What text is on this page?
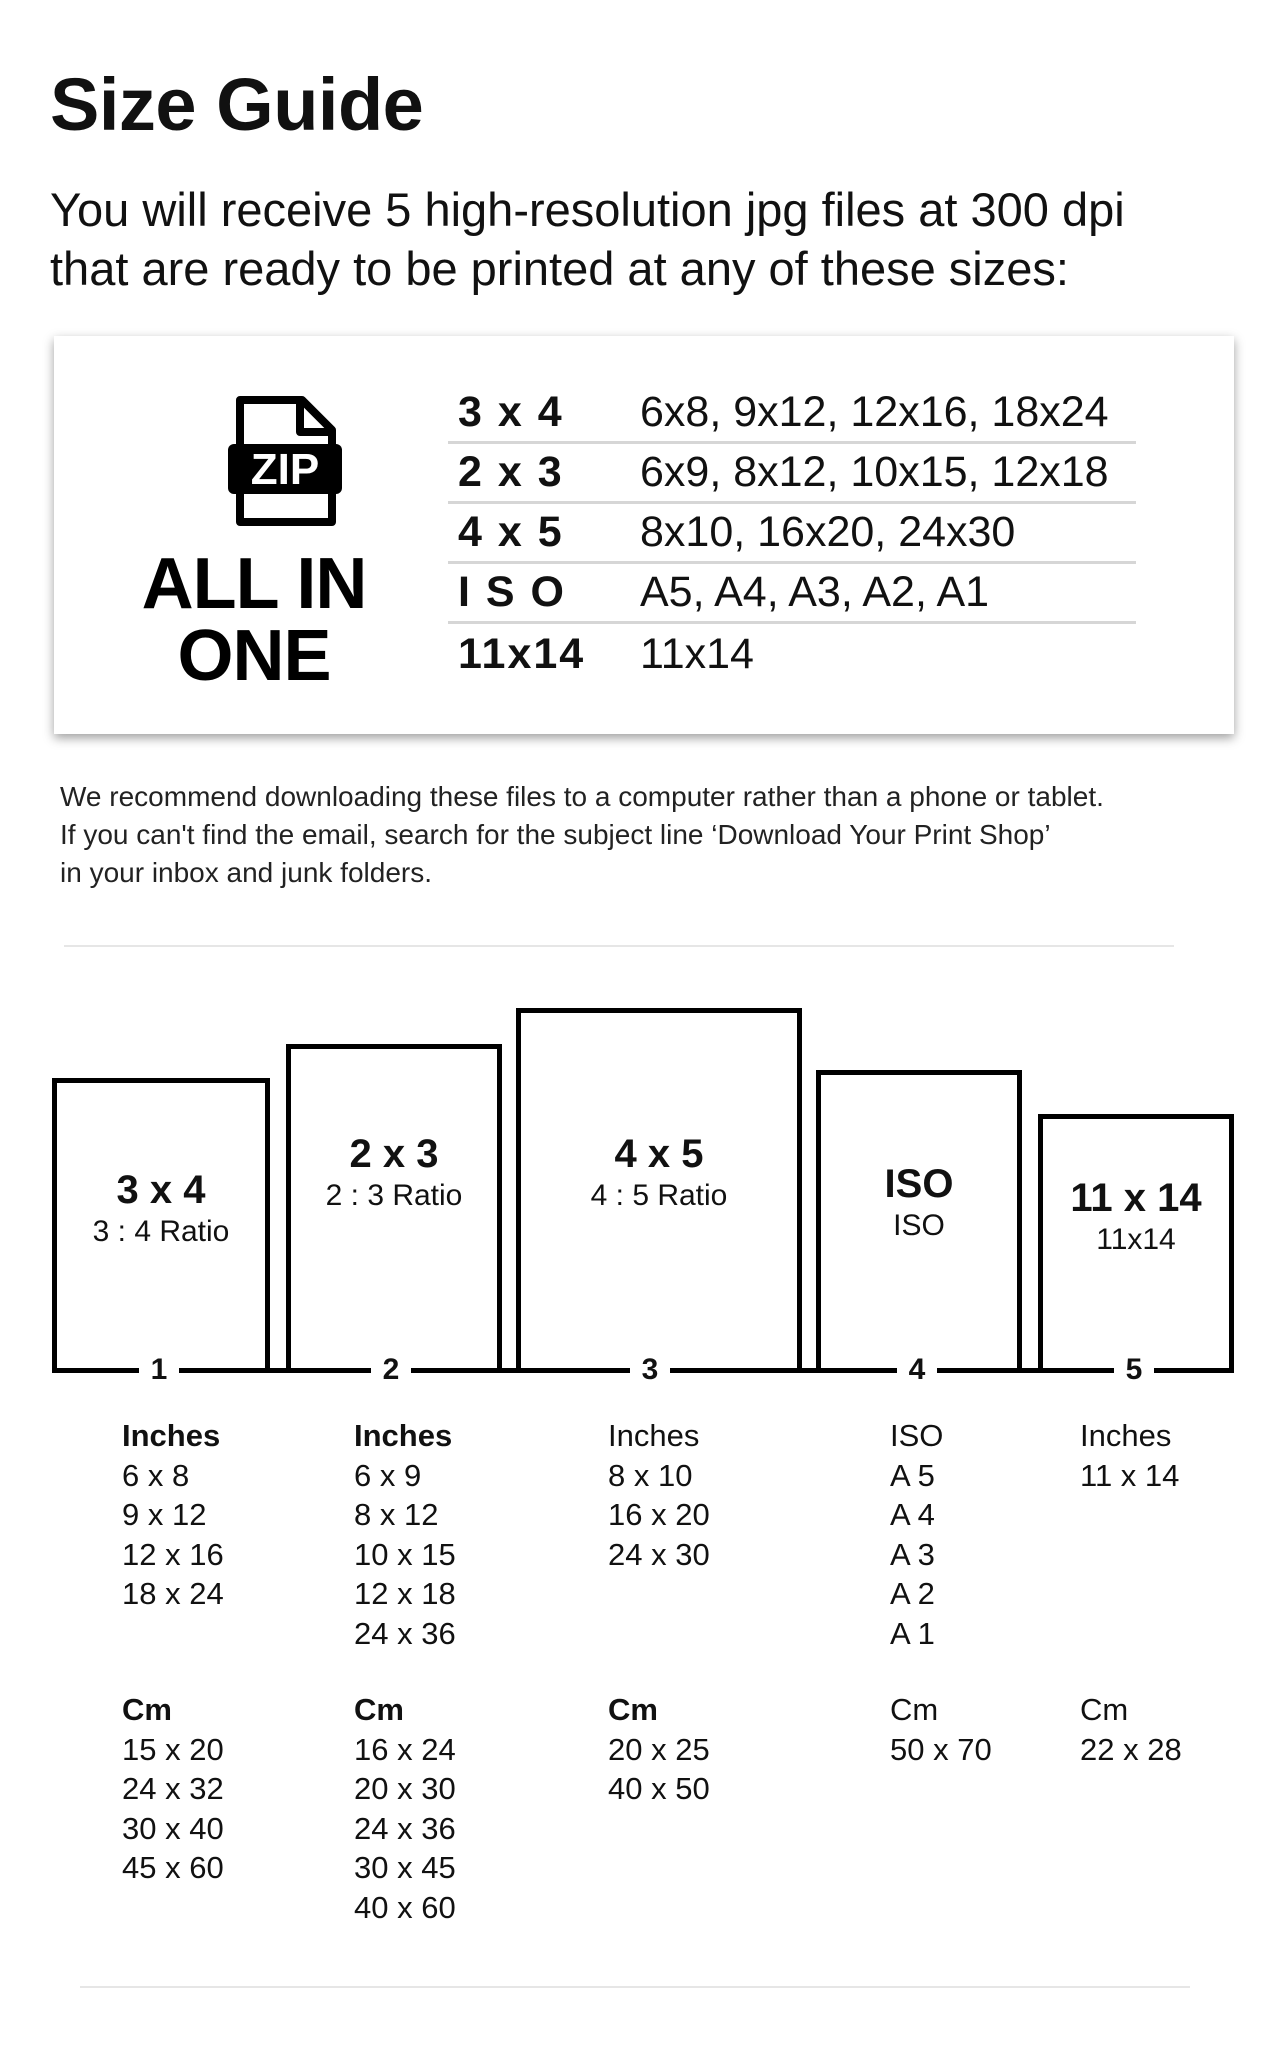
Size Guide
You will receive 5 high-resolution jpg files at 300 dpi
that are ready to be printed at any of these sizes:
ZIP
ALL IN
ONE
3 x 4	6x8, 9x12, 12x16, 18x24
2 x 3	6x9, 8x12, 10x15, 12x18
4 x 5	8x10, 16x20, 24x30
I S O	A5, A4, A3, A2, A1
11x14	11x14
We recommend downloading these files to a computer rather than a phone or tablet.
If you can't find the email, search for the subject line ‘Download Your Print Shop’
in your inbox and junk folders.
3 x 4
3 : 4 Ratio
2 x 3
2 : 3 Ratio
4 x 5
4 : 5 Ratio	ISO
ISO
11 x 14
11x14
1	2	3	4	5
Inches
6 x 8
9 x 12
12 x 16
18 x 24
Inches
6 x 9
8 x 12
10 x 15
12 x 18
24 x 36
Inches
8 x 10
16 x 20
24 x 30
ISO
A 5
A 4
A 3
A 2
A 1
Inches
11 x 14
Cm
15 x 20
24 x 32
30 x 40
45 x 60
Cm
16 x 24
20 x 30
24 x 36
30 x 45
40 x 60
Cm
20 x 25
40 x 50
Cm
50 x 70
Cm
22 x 28
